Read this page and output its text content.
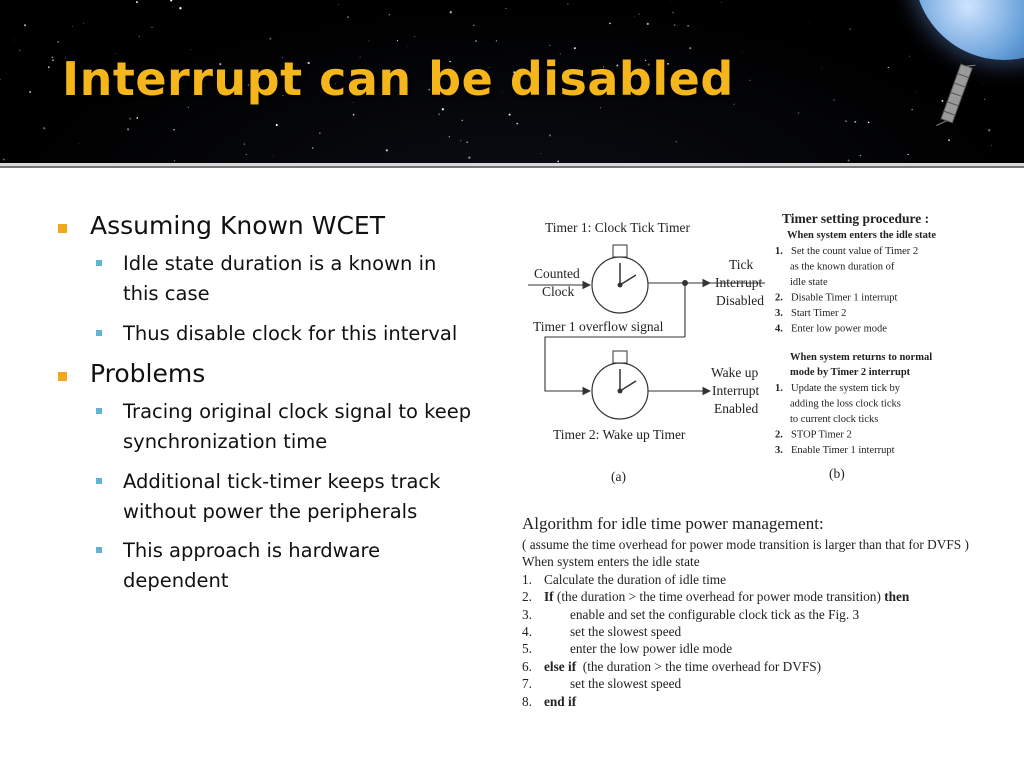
Interrupt can be disabled
Assuming Known WCET
Idle state duration is a known in this case
Thus disable clock for this interval
Problems
Tracing original clock signal to keep synchronization time
Additional tick-timer keeps track without power the peripherals
This approach is hardware dependent
Timer 1: Clock Tick Timer
Counted
Clock
Tick
Interrupt
Disabled
Timer 1 overflow signal
Wake up
Interrupt
Enabled
Timer 2: Wake up Timer
(a)
Timer setting procedure :
When system enters the idle state
1. Set the count value of Timer 2
as the known duration of
idle state
2. Disable Timer 1 interrupt
3. Start Timer 2
4. Enter low power mode
When system returns to normal
mode by Timer 2 interrupt
1. Update the system tick by
adding the loss clock ticks
to current clock ticks
2. STOP Timer 2
3. Enable Timer 1 interrupt
(b)
Algorithm for idle time power management:
( assume the time overhead for power mode transition is larger than that for DVFS )
When system enters the idle state
1. Calculate the duration of idle time
2. If (the duration > the time overhead for power mode transition) then
3.	enable and set the configurable clock tick as the Fig. 3
4.	set the slowest speed
5.	enter the low power idle mode
6. else if  (the duration > the time overhead for DVFS)
7.	set the slowest speed
8. end if
